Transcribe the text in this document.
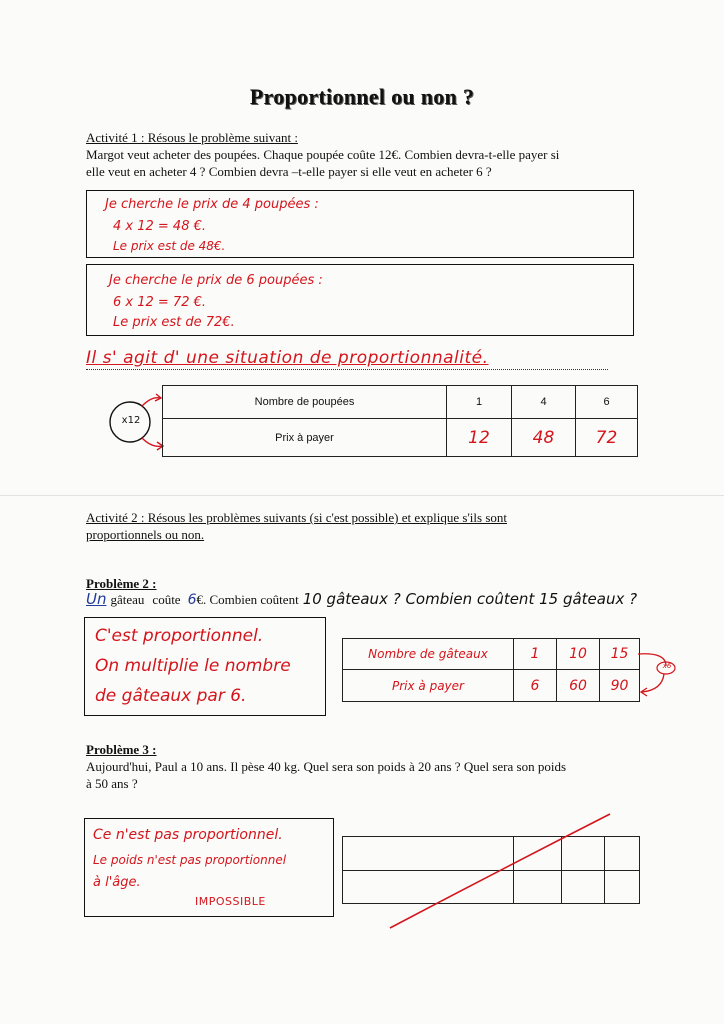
Proportionnel ou non ?
Activité 1 : Résous le problème suivant :
Margot veut acheter des poupées. Chaque poupée coûte 12€. Combien devra-t-elle payer si
elle veut en acheter 4 ? Combien devra –t-elle payer si elle veut en acheter 6 ?
Je cherche le prix de 4 poupées :
4 x 12 = 48 €.
Le prix est de 48€.
Je cherche le prix de 6 poupées :
6 x 12 = 72 €.
Le prix est de 72€.
Il s' agit d' une situation de proportionnalité.
x12
Nombre de poupées	1	4	6
Prix à payer	12	48	72
Activité 2 : Résous les problèmes suivants (si c'est possible) et explique s'ils sont
proportionnels ou non.
Problème 2 :
Un gâteau coûte 6€. Combien coûtent 10 gâteaux ? Combien coûtent 15 gâteaux ?
C'est proportionnel.
On multiplie le nombre
de gâteaux par 6.
Nombre de gâteaux	1	10	15
Prix à payer	6	60	90
x6
Problème 3 :
Aujourd'hui, Paul a 10 ans. Il pèse 40 kg. Quel sera son poids à 20 ans ? Quel sera son poids
à 50 ans ?
Ce n'est pas proportionnel.
Le poids n'est pas proportionnel
à l'âge.
IMPOSSIBLE
